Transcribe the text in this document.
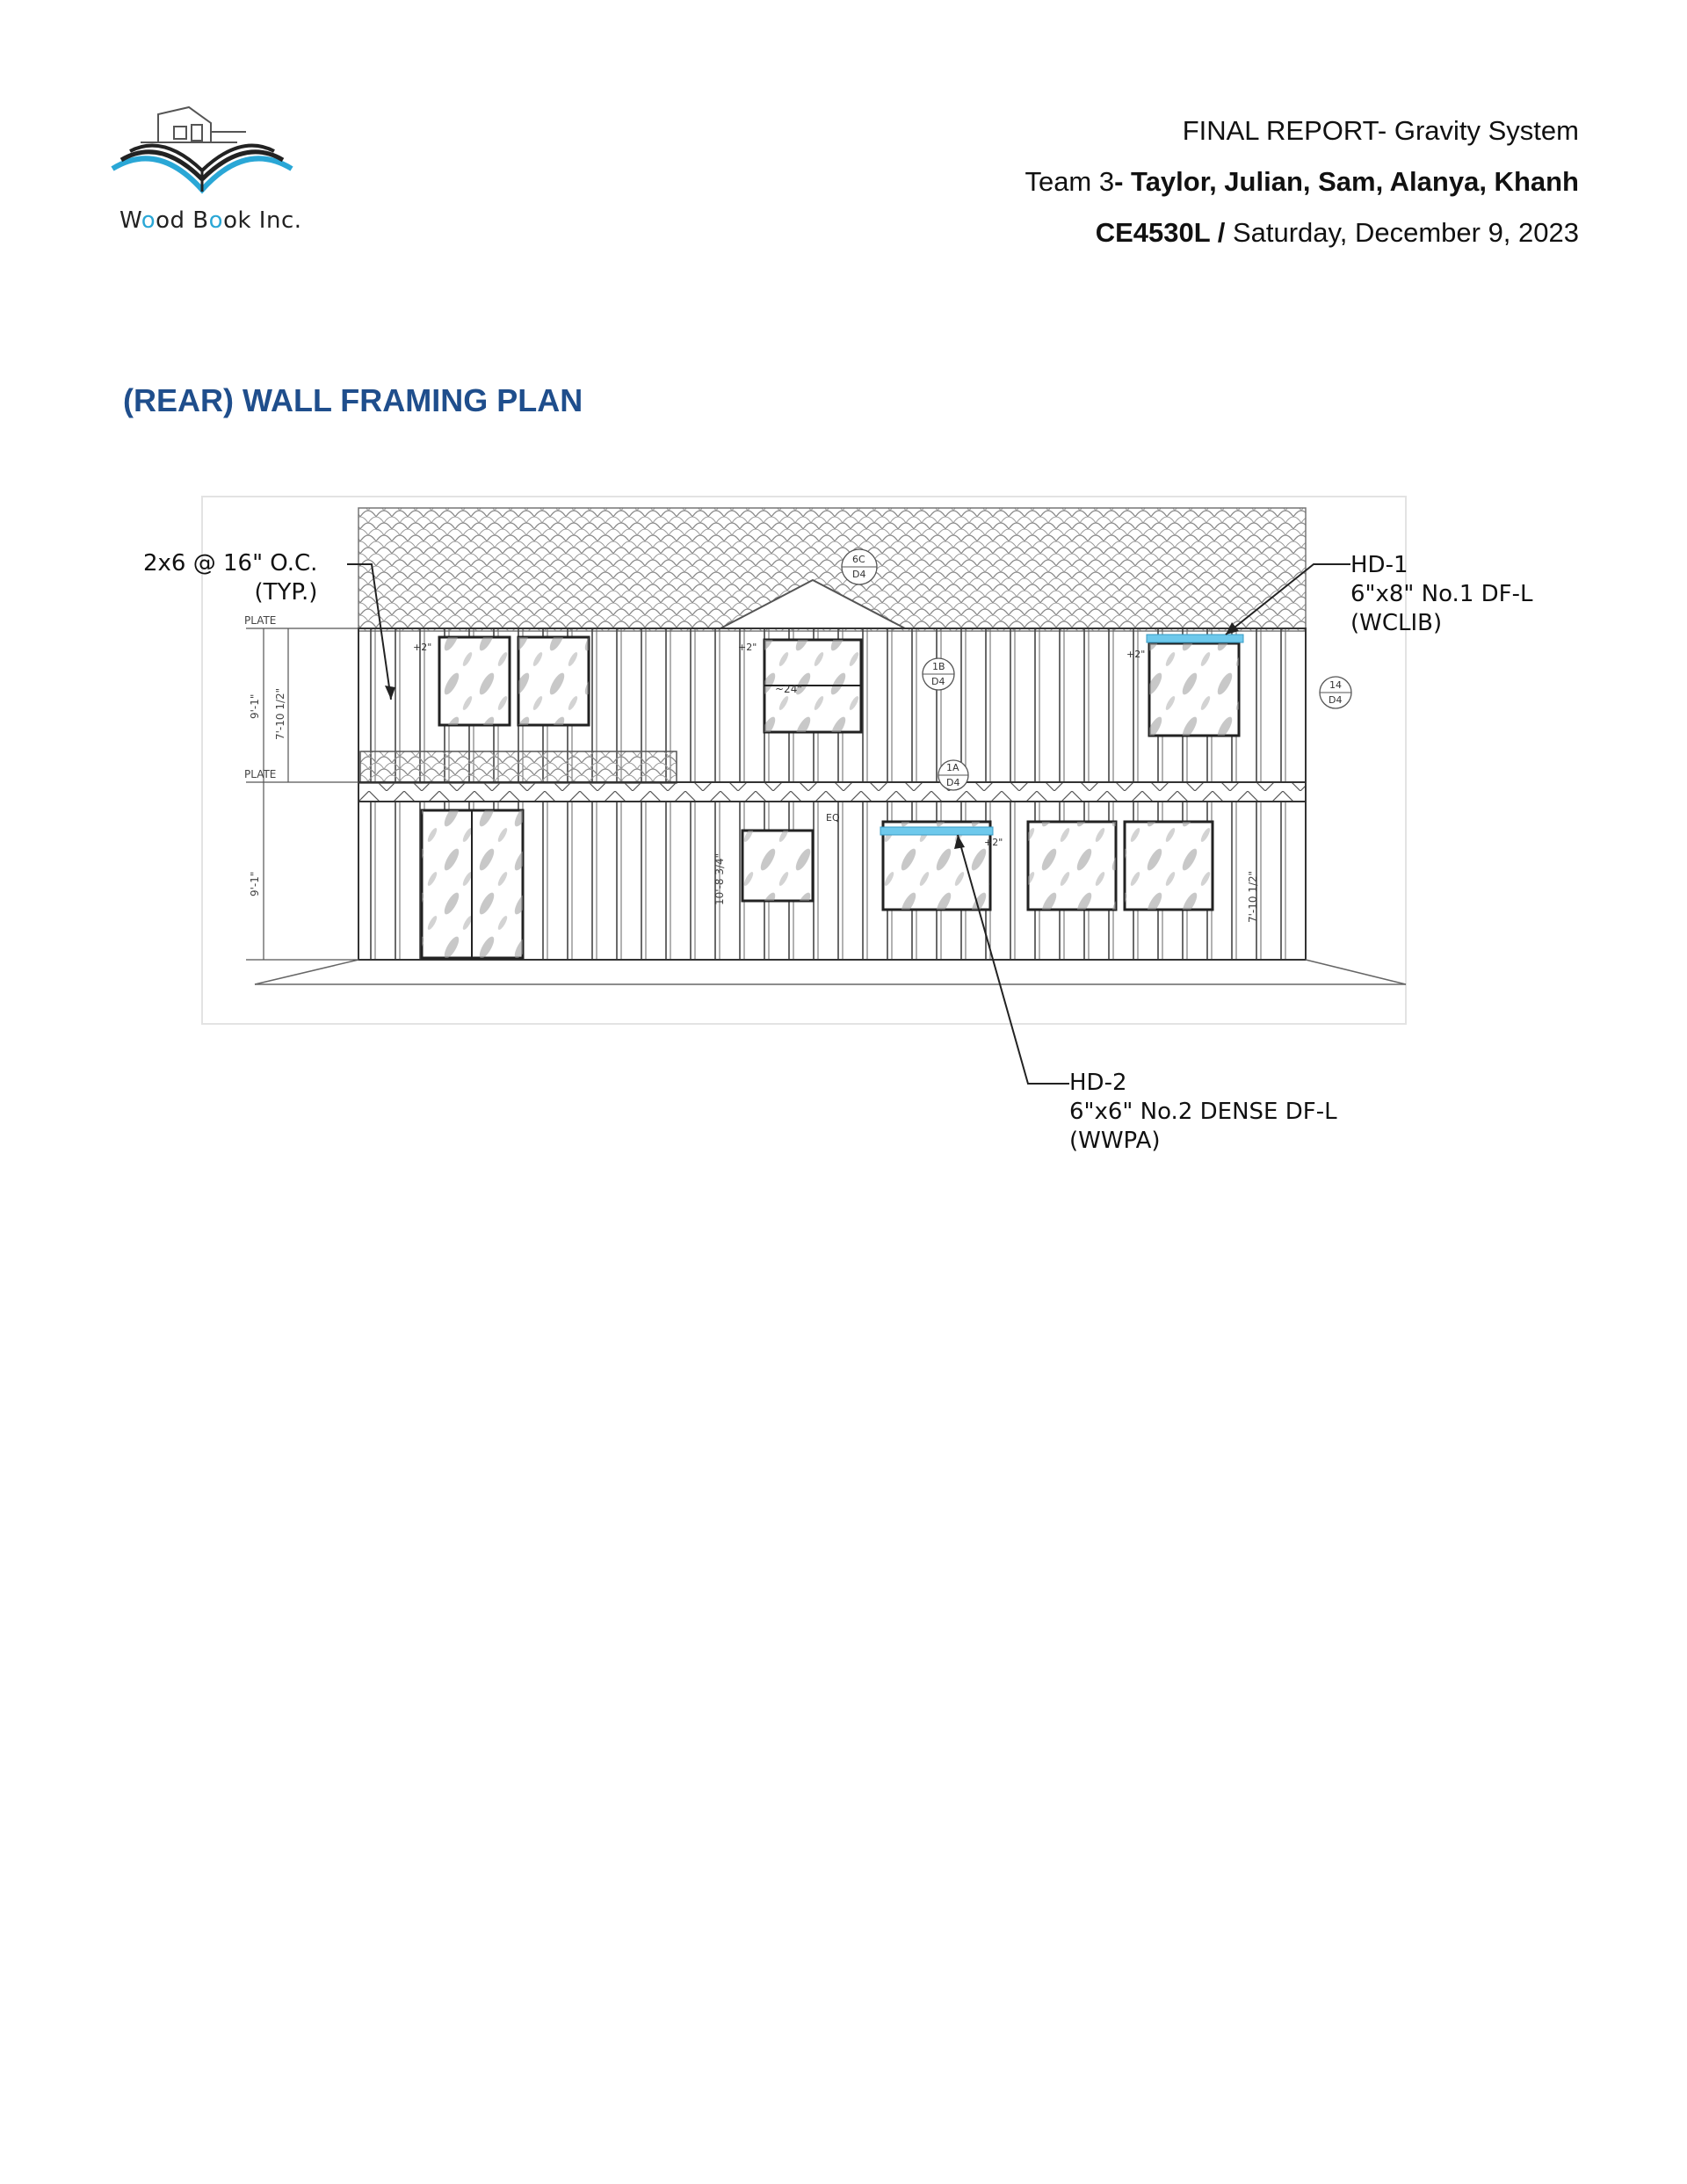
Wood Book Inc.
FINAL REPORT- Gravity System
Team 3- Taylor, Julian, Sam, Alanya, Khanh
CE4530L / Saturday, December 9, 2023
(REAR) WALL FRAMING PLAN
PLATE
PLATE
9'-1" 7'-10 1/2"
9'-1"	10'-8 3/4"	7'-10 1/2"
~24"
+2"	+2"
+2"
+2"
EQ
6C
D4
1B
D4
1A
D4
14
D4
2x6 @ 16" O.C.
(TYP.)
HD-1
6"x8" No.1 DF-L
(WCLIB)
HD-2
6"x6" No.2 DENSE DF-L
(WWPA)
